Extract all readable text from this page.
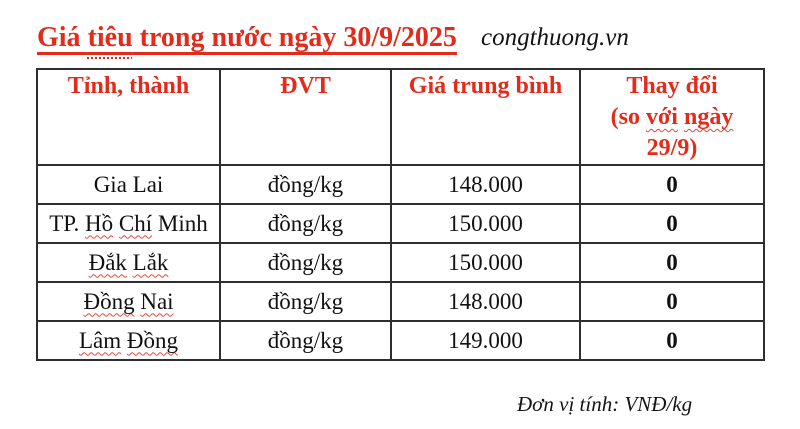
Giá tiêu trong nước ngày 30/9/2025 congthuong.vn
Tỉnh, thành	ĐVT	Giá trung bình	Thay đổi
(so với ngày
29/9)

Gia Lai	đồng/kg	148.000	0
TP. Hồ Chí Minh	đồng/kg	150.000	0
Đắk Lắk	đồng/kg	150.000	0
Đồng Nai	đồng/kg	148.000	0
Lâm Đồng	đồng/kg	149.000	0
Đơn vị tính: VNĐ/kg
